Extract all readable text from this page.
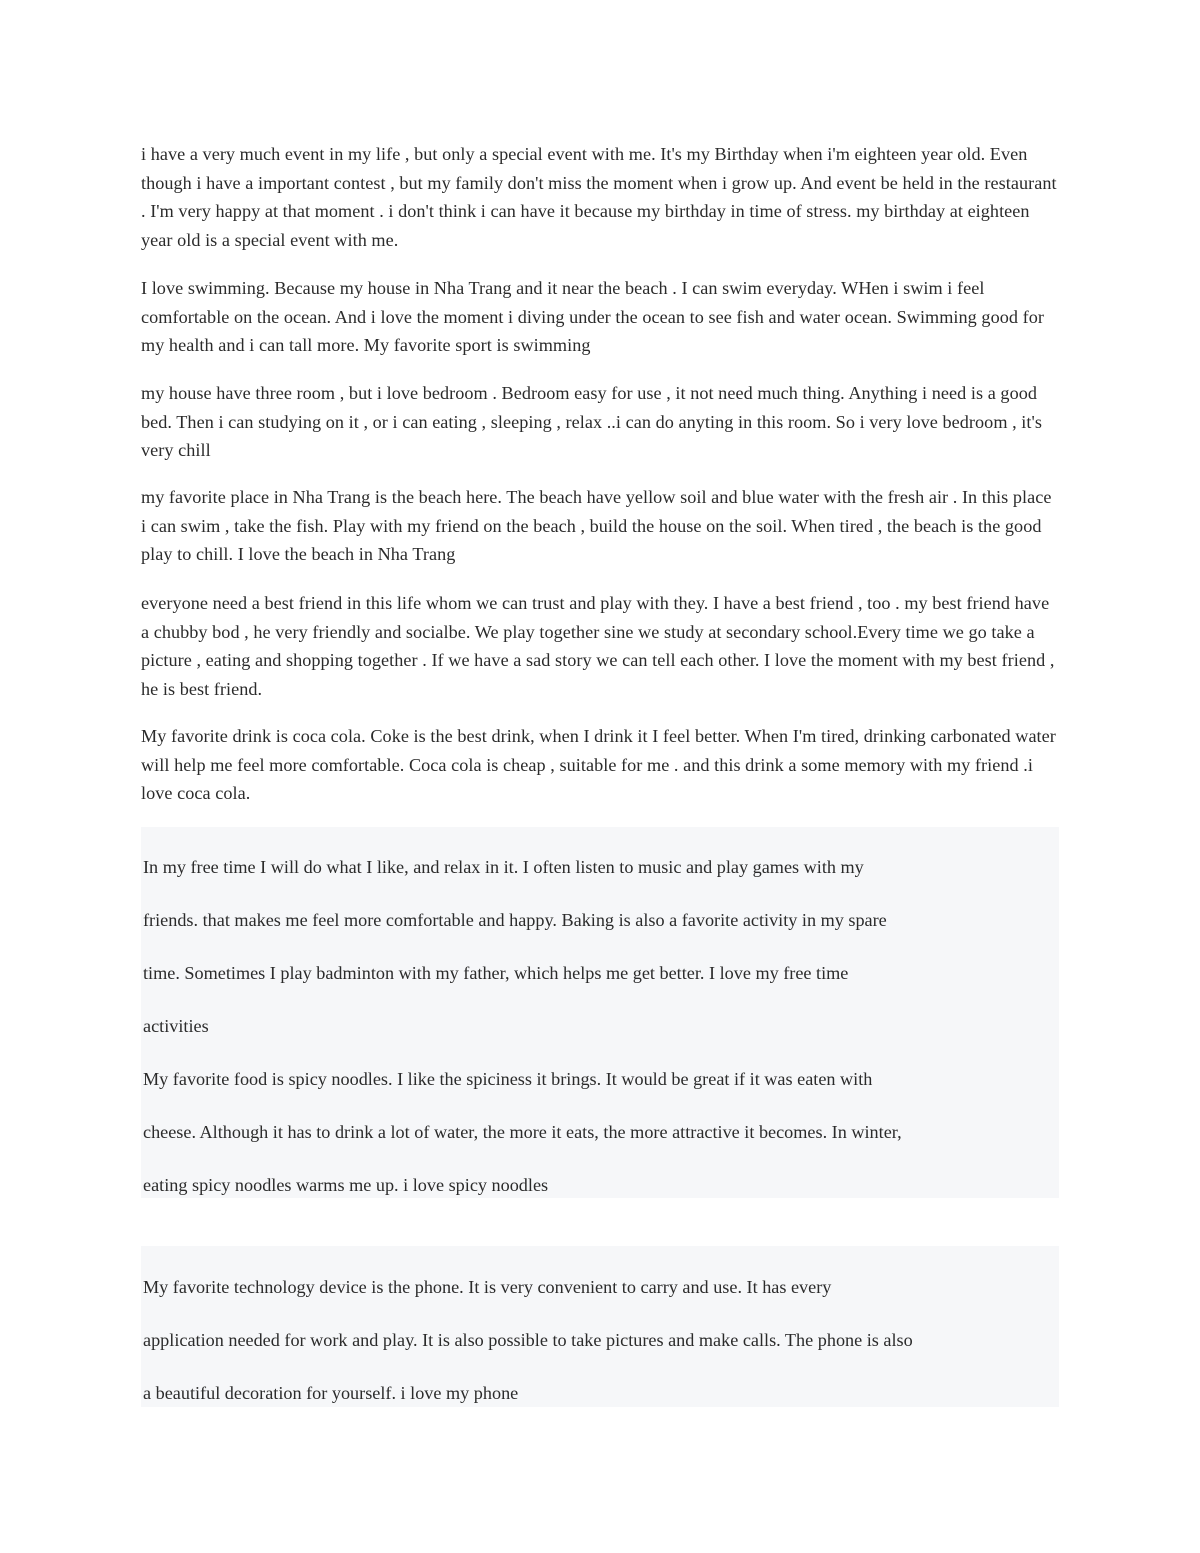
i have a very much event in my life , but only a special event with me. It's my Birthday when i'm eighteen year old. Even though i have a important contest , but my family don't miss the moment when i grow up. And event be held in the restaurant . I'm very happy at that moment . i don't think i can have it because my birthday in time of stress. my birthday at eighteen year old is a special event with me.

I love swimming. Because my house in Nha Trang and it near the beach . I can swim everyday. WHen i swim i feel comfortable on the ocean. And i love the moment i diving under the ocean to see fish and water ocean. Swimming good for my health and i can tall more. My favorite sport is swimming

my house have three room , but i love bedroom . Bedroom easy for use , it not need much thing. Anything i need is a good bed. Then i can studying on it , or i can eating , sleeping , relax ..i can do anyting in this room. So i very love bedroom , it's very chill

my favorite place in Nha Trang is the beach here. The beach have yellow soil and blue water with the fresh air . In this place i can swim , take the fish. Play with my friend on the beach , build the house on the soil. When tired , the beach is the good play to chill. I love the beach in Nha Trang

everyone need a best friend in this life whom we can trust and play with they. I have a best friend , too . my best friend have a chubby bod , he very friendly and socialbe. We play together sine we study at secondary school.Every time we go take a picture , eating and shopping together . If we have a sad story we can tell each other. I love the moment with my best friend , he is best friend.

My favorite drink is coca cola. Coke is the best drink, when I drink it I feel better. When I'm tired, drinking carbonated water will help me feel more comfortable. Coca cola is cheap , suitable for me . and this drink a some memory with my friend .i love coca cola.

In my free time I will do what I like, and relax in it. I often listen to music and play games with my
friends. that makes me feel more comfortable and happy. Baking is also a favorite activity in my spare
time. Sometimes I play badminton with my father, which helps me get better. I love my free time
activities
My favorite food is spicy noodles. I like the spiciness it brings. It would be great if it was eaten with
cheese. Although it has to drink a lot of water, the more it eats, the more attractive it becomes. In winter,
eating spicy noodles warms me up. i love spicy noodles
My favorite technology device is the phone. It is very convenient to carry and use. It has every
application needed for work and play. It is also possible to take pictures and make calls. The phone is also
a beautiful decoration for yourself. i love my phone
